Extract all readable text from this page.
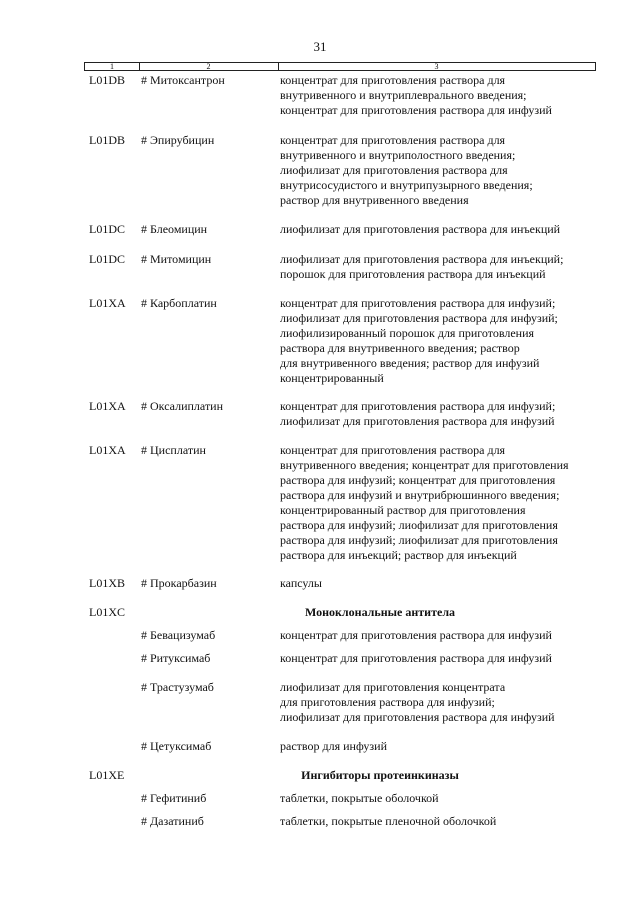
31
1	2	3
L01DB	# Митоксантрон	концентрат для приготовления раствора для
внутривенного и внутриплеврального введения;
концентрат для приготовления раствора для инфузий
L01DB	# Эпирубицин	концентрат для приготовления раствора для
внутривенного и внутриполостного введения;
лиофилизат для приготовления раствора для
внутрисосудистого и внутрипузырного введения;
раствор для внутривенного введения
L01DC	# Блеомицин	лиофилизат для приготовления раствора для инъекций
L01DC	# Митомицин	лиофилизат для приготовления раствора для инъекций;
порошок для приготовления раствора для инъекций
L01XA	# Карбоплатин	концентрат для приготовления раствора для инфузий;
лиофилизат для приготовления раствора для инфузий;
лиофилизированный порошок для приготовления
раствора для внутривенного введения; раствор
для внутривенного введения; раствор для инфузий
концентрированный
L01XA	# Оксалиплатин	концентрат для приготовления раствора для инфузий;
лиофилизат для приготовления раствора для инфузий
L01XA	# Цисплатин	концентрат для приготовления раствора для
внутривенного введения; концентрат для приготовления
раствора для инфузий; концентрат для приготовления
раствора для инфузий и внутрибрюшинного введения;
концентрированный раствор для приготовления
раствора для инфузий; лиофилизат для приготовления
раствора для инфузий; лиофилизат для приготовления
раствора для инъекций; раствор для инъекций
L01XB	# Прокарбазин	капсулы
L01XC	Моноклональные антитела
# Бевацизумаб	концентрат для приготовления раствора для инфузий
# Ритуксимаб	концентрат для приготовления раствора для инфузий
# Трастузумаб	лиофилизат для приготовления концентрата
для приготовления раствора для инфузий;
лиофилизат для приготовления раствора для инфузий
# Цетуксимаб	раствор для инфузий
L01XE	Ингибиторы протеинкиназы
# Гефитиниб	таблетки, покрытые оболочкой
# Дазатиниб	таблетки, покрытые пленочной оболочкой
